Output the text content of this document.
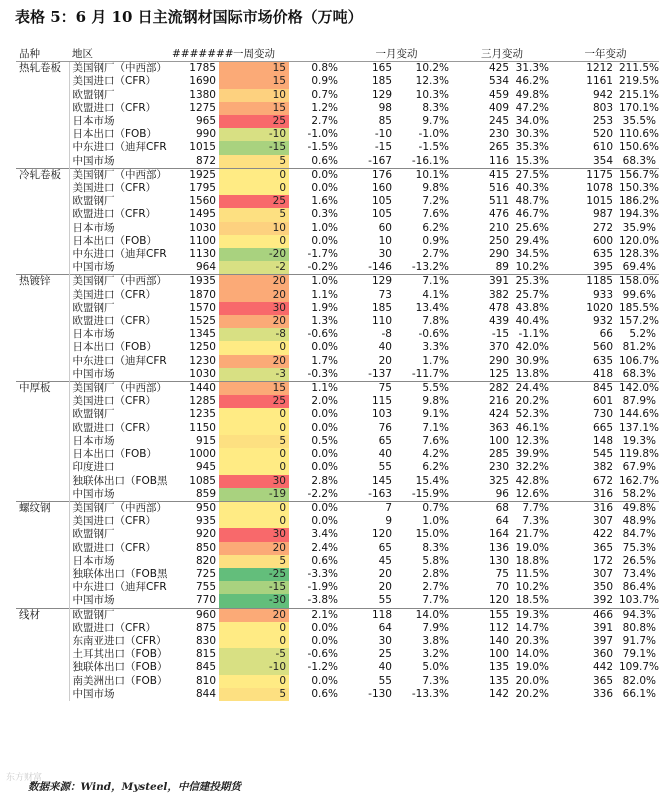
表格 5：6 月 10 日主流钢材国际市场价格（万吨）
品种	地区	#######	一周变动		一月变动		三月变动		一年变动	
热轧卷板	美国钢厂（中西部）	1785	15	0.8%	165	10.2%	425	31.3%	1212	211.5%
	美国进口（CFR）	1690	15	0.9%	185	12.3%	534	46.2%	1161	219.5%
	欧盟钢厂	1380	10	0.7%	129	10.3%	459	49.8%	942	215.1%
	欧盟进口（CFR）	1275	15	1.2%	98	8.3%	409	47.2%	803	170.1%
	日本市场	965	25	2.7%	85	9.7%	245	34.0%	253	35.5%
	日本出口（FOB）	990	-10	-1.0%	-10	-1.0%	230	30.3%	520	110.6%
	中东进口（迪拜CFR	1015	-15	-1.5%	-15	-1.5%	265	35.3%	610	150.6%
	中国市场	872	5	0.6%	-167	-16.1%	116	15.3%	354	68.3%
冷轧卷板	美国钢厂（中西部）	1925	0	0.0%	176	10.1%	415	27.5%	1175	156.7%
	美国进口（CFR）	1795	0	0.0%	160	9.8%	516	40.3%	1078	150.3%
	欧盟钢厂	1560	25	1.6%	105	7.2%	511	48.7%	1015	186.2%
	欧盟进口（CFR）	1495	5	0.3%	105	7.6%	476	46.7%	987	194.3%
	日本市场	1030	10	1.0%	60	6.2%	210	25.6%	272	35.9%
	日本出口（FOB）	1100	0	0.0%	10	0.9%	250	29.4%	600	120.0%
	中东进口（迪拜CFR	1130	-20	-1.7%	30	2.7%	290	34.5%	635	128.3%
	中国市场	964	-2	-0.2%	-146	-13.2%	89	10.2%	395	69.4%
热镀锌	美国钢厂（中西部）	1935	20	1.0%	129	7.1%	391	25.3%	1185	158.0%
	美国进口（CFR）	1870	20	1.1%	73	4.1%	382	25.7%	933	99.6%
	欧盟钢厂	1570	30	1.9%	185	13.4%	478	43.8%	1020	185.5%
	欧盟进口（CFR）	1525	20	1.3%	110	7.8%	439	40.4%	932	157.2%
	日本市场	1345	-8	-0.6%	-8	-0.6%	-15	-1.1%	66	5.2%
	日本出口（FOB）	1250	0	0.0%	40	3.3%	370	42.0%	560	81.2%
	中东进口（迪拜CFR	1230	20	1.7%	20	1.7%	290	30.9%	635	106.7%
	中国市场	1030	-3	-0.3%	-137	-11.7%	125	13.8%	418	68.3%
中厚板	美国钢厂（中西部）	1440	15	1.1%	75	5.5%	282	24.4%	845	142.0%
	美国进口（CFR）	1285	25	2.0%	115	9.8%	216	20.2%	601	87.9%
	欧盟钢厂	1235	0	0.0%	103	9.1%	424	52.3%	730	144.6%
	欧盟进口（CFR）	1150	0	0.0%	76	7.1%	363	46.1%	665	137.1%
	日本市场	915	5	0.5%	65	7.6%	100	12.3%	148	19.3%
	日本出口（FOB）	1000	0	0.0%	40	4.2%	285	39.9%	545	119.8%
	印度进口	945	0	0.0%	55	6.2%	230	32.2%	382	67.9%
	独联体出口（FOB黑	1085	30	2.8%	145	15.4%	325	42.8%	672	162.7%
	中国市场	859	-19	-2.2%	-163	-15.9%	96	12.6%	316	58.2%
螺纹钢	美国钢厂（中西部）	950	0	0.0%	7	0.7%	68	7.7%	316	49.8%
	美国进口（CFR）	935	0	0.0%	9	1.0%	64	7.3%	307	48.9%
	欧盟钢厂	920	30	3.4%	120	15.0%	164	21.7%	422	84.7%
	欧盟进口（CFR）	850	20	2.4%	65	8.3%	136	19.0%	365	75.3%
	日本市场	820	5	0.6%	45	5.8%	130	18.8%	172	26.5%
	独联体出口（FOB黑	725	-25	-3.3%	20	2.8%	75	11.5%	307	73.4%
	中东进口（迪拜CFR	755	-15	-1.9%	20	2.7%	70	10.2%	350	86.4%
	中国市场	770	-30	-3.8%	55	7.7%	120	18.5%	392	103.7%
线材	欧盟钢厂	960	20	2.1%	118	14.0%	155	19.3%	466	94.3%
	欧盟进口（CFR）	875	0	0.0%	64	7.9%	112	14.7%	391	80.8%
	东南亚进口（CFR）	830	0	0.0%	30	3.8%	140	20.3%	397	91.7%
	土耳其出口（FOB）	815	-5	-0.6%	25	3.2%	100	14.0%	360	79.1%
	独联体出口（FOB）	845	-10	-1.2%	40	5.0%	135	19.0%	442	109.7%
	南美洲出口（FOB）	810	0	0.0%	55	7.3%	135	20.0%	365	82.0%
	中国市场	844	5	0.6%	-130	-13.3%	142	20.2%	336	66.1%
东方财富
数据来源：Wind，Mysteel，中信建投期货
